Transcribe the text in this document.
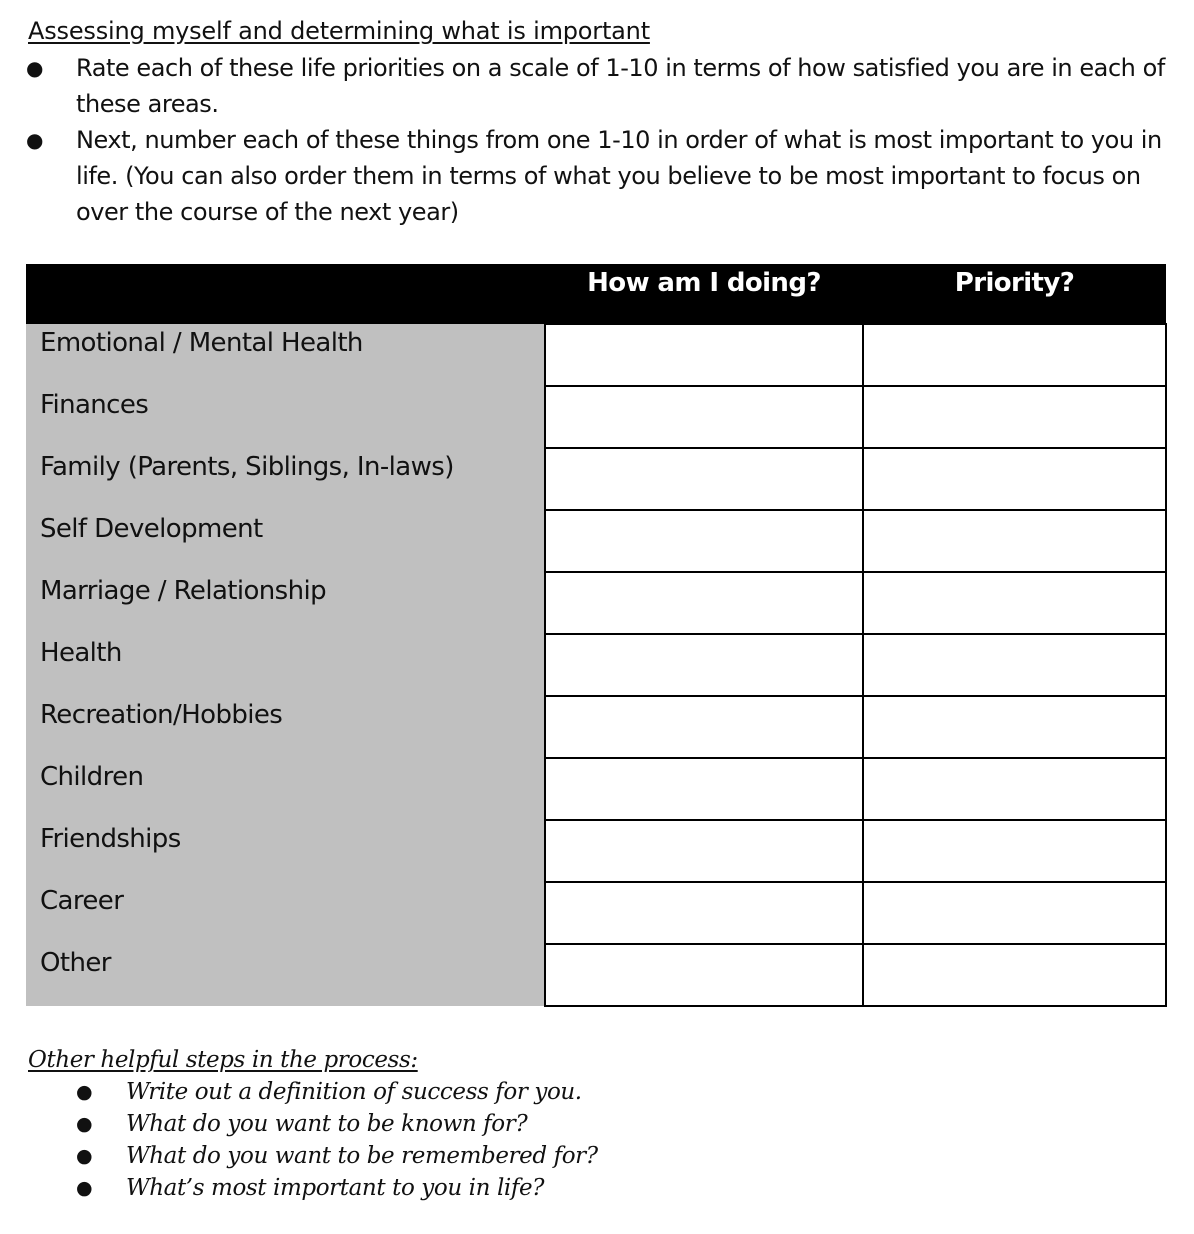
Assessing myself and determining what is important
● Rate each of these life priorities on a scale of 1-10 in terms of how satisfied you are in each of these areas.
● Next, number each of these things from one 1-10 in order of what is most important to you in life. (You can also order them in terms of what you believe to be most important to focus on over the course of the next year)
	How am I doing?	Priority?
Emotional / Mental Health		
Finances		
Family (Parents, Siblings, In-laws)		
Self Development		
Marriage / Relationship		
Health		
Recreation/Hobbies		
Children		
Friendships		
Career		
Other		
Other helpful steps in the process:
● Write out a definition of success for you.
● What do you want to be known for?
● What do you want to be remembered for?
● What’s most important to you in life?
